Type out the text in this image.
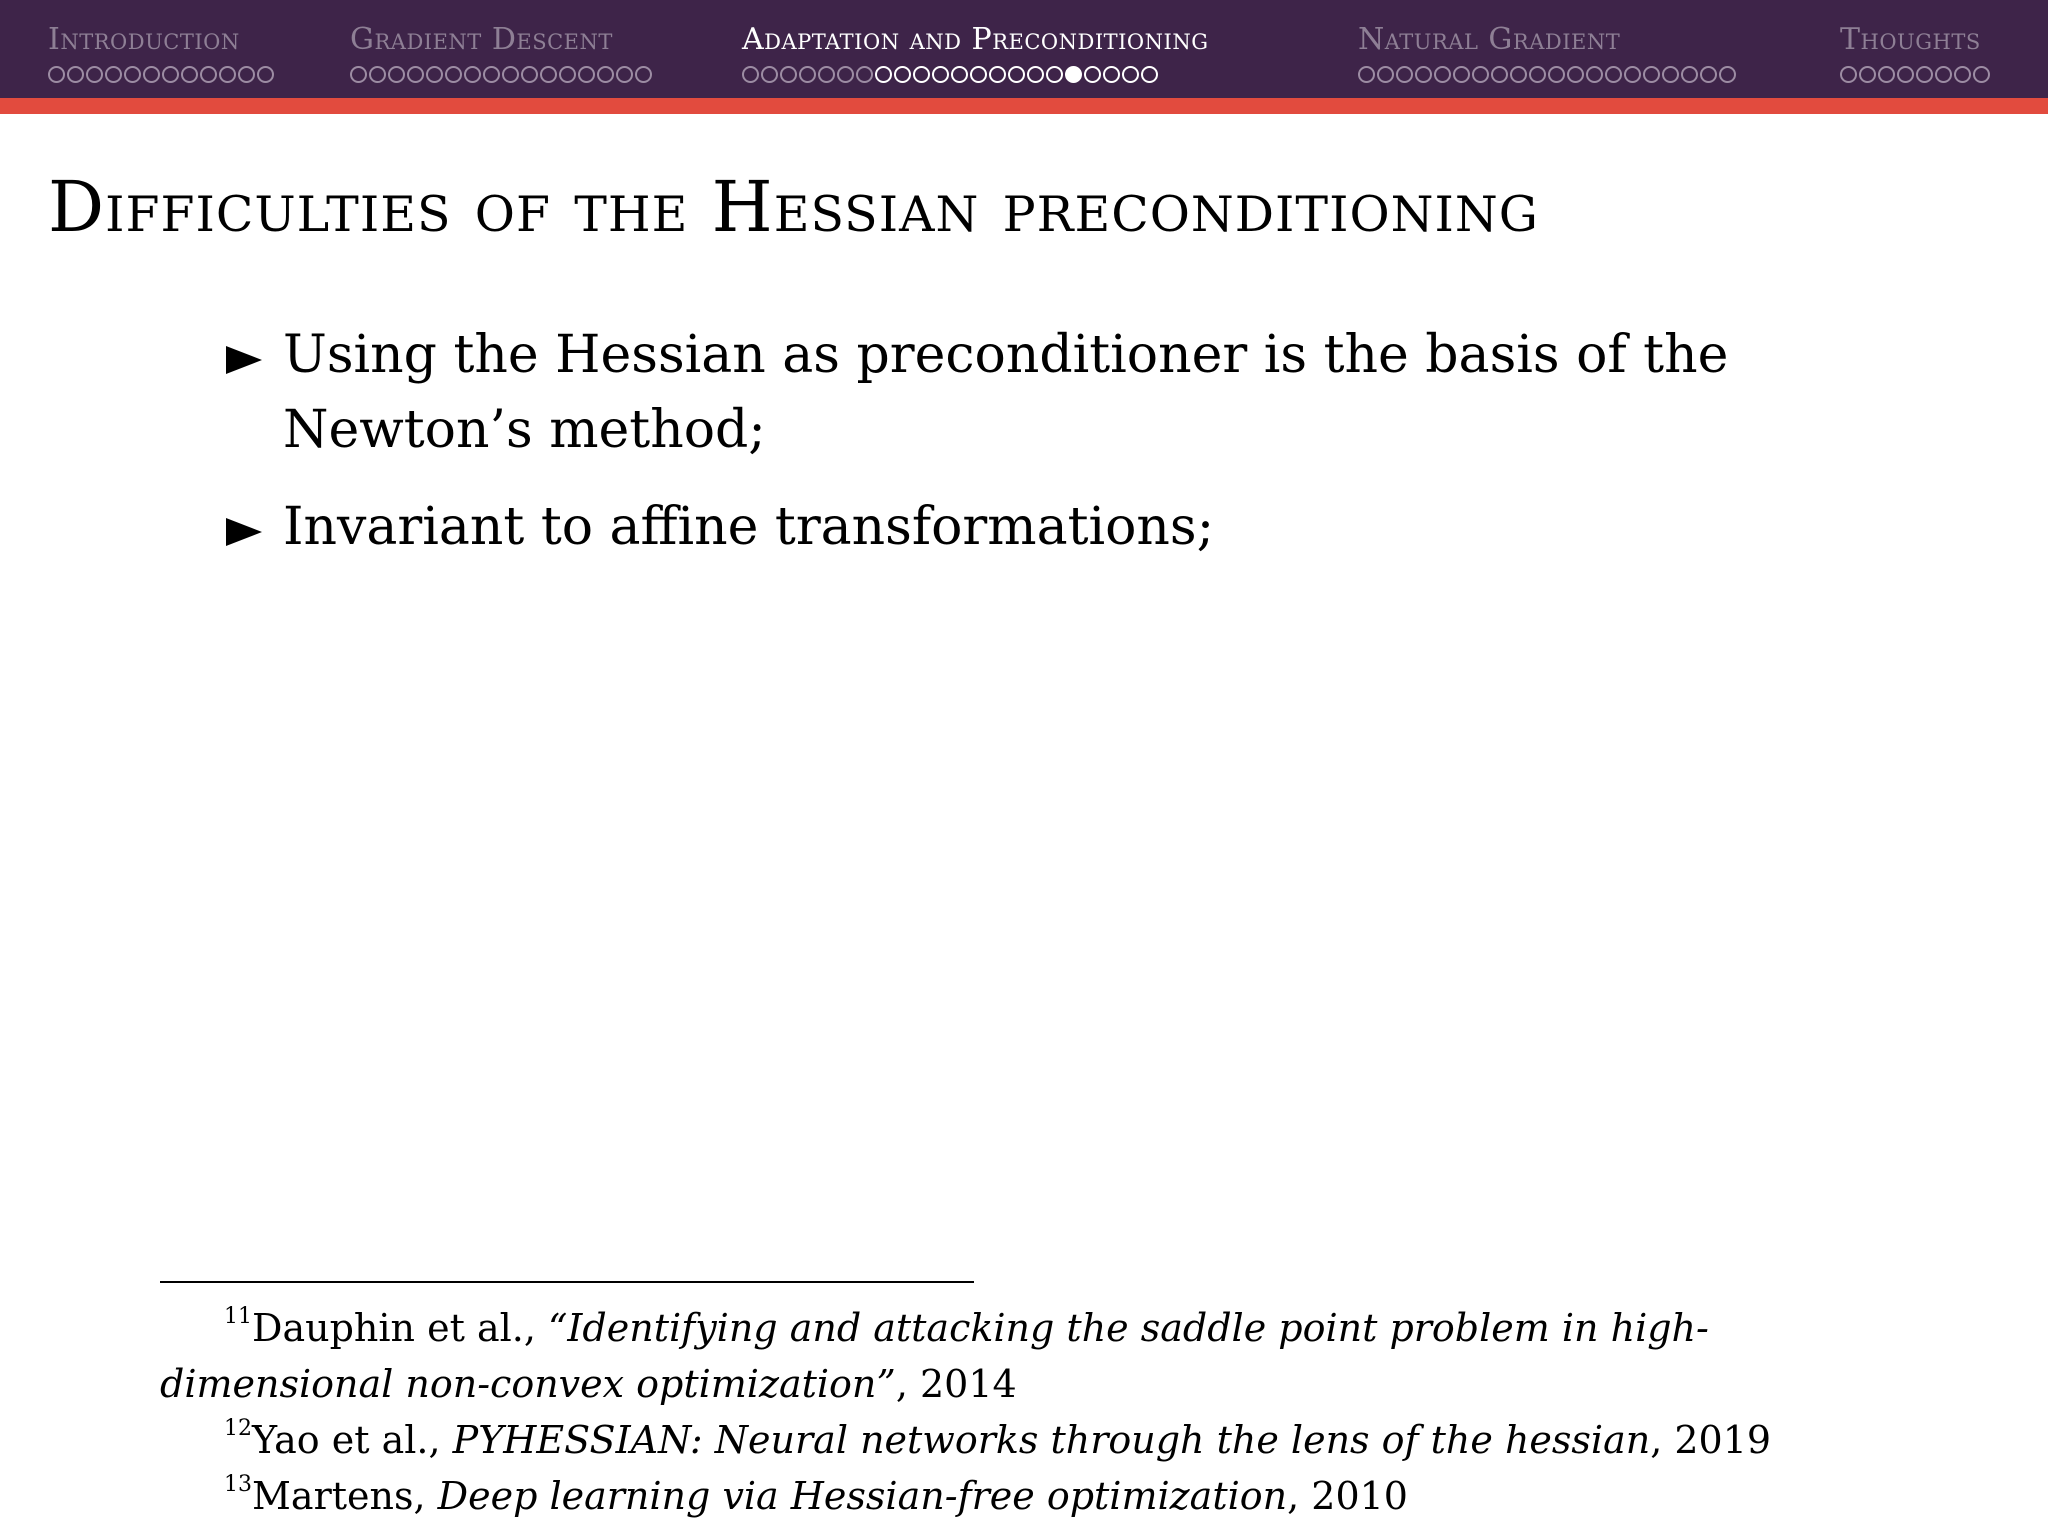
Introduction	Gradient Descent	Adaptation and Preconditioning	Natural Gradient	Thoughts
Difficulties of the Hessian preconditioning
Using the Hessian as preconditioner is the basis of the Newton’s method;
Invariant to affine transformations;
$^{11}$Dauphin et al., “Identifying and attacking the saddle point problem in high-dimensional non-convex optimization”, 2014
$^{12}$Yao et al., PYHESSIAN: Neural networks through the lens of the hessian, 2019
$^{13}$Martens, Deep learning via Hessian-free optimization, 2010
